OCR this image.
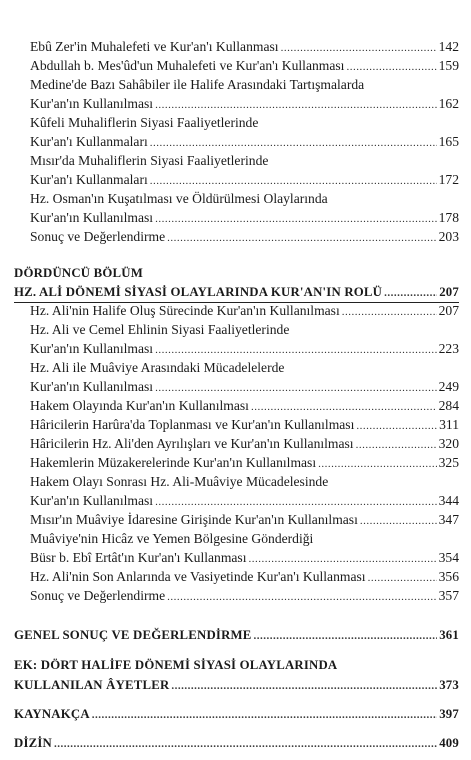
Ebû Zer'in Muhalefeti ve Kur'an'ı Kullanması .....	142
Abdullah b. Mes'ûd'un Muhalefeti ve Kur'an'ı Kullanması .....	159
Medine'de Bazı Sahâbiler ile Halife Arasındaki Tartışmalarda
Kur'an'ın Kullanılması .....	162
Kûfeli Muhaliflerin Siyasi Faaliyetlerinde
Kur'an'ı Kullanmaları .....	165
Mısır'da Muhaliflerin Siyasi Faaliyetlerinde
Kur'an'ı Kullanmaları .....	172
Hz. Osman'ın Kuşatılması ve Öldürülmesi Olaylarında
Kur'an'ın Kullanılması .....	178
Sonuç ve Değerlendirme .....	203
DÖRDÜNCÜ BÖLÜM
HZ. ALİ DÖNEMİ SİYASİ OLAYLARINDA KUR'AN'IN ROLÜ .....	207
Hz. Ali'nin Halife Oluş Sürecinde Kur'an'ın Kullanılması .....	207
Hz. Ali ve Cemel Ehlinin Siyasi Faaliyetlerinde
Kur'an'ın Kullanılması .....	223
Hz. Ali ile Muâviye Arasındaki Mücadelelerde
Kur'an'ın Kullanılması .....	249
Hakem Olayında Kur'an'ın Kullanılması .....	284
Hâricilerin Harûra'da Toplanması ve Kur'an'ın Kullanılması .....	311
Hâricilerin Hz. Ali'den Ayrılışları ve Kur'an'ın Kullanılması .....	320
Hakemlerin Müzakerelerinde Kur'an'ın Kullanılması .....	325
Hakem Olayı Sonrası Hz. Ali-Muâviye Mücadelesinde
Kur'an'ın Kullanılması .....	344
Mısır'ın Muâviye İdaresine Girişinde Kur'an'ın Kullanılması .....	347
Muâviye'nin Hicâz ve Yemen Bölgesine Gönderdiği
Büsr b. Ebî Ertât'ın Kur'an'ı Kullanması .....	354
Hz. Ali'nin Son Anlarında ve Vasiyetinde Kur'an'ı Kullanması .....	356
Sonuç ve Değerlendirme .....	357
GENEL SONUÇ VE DEĞERLENDİRME .....	361
EK: DÖRT HALİFE DÖNEMİ SİYASİ OLAYLARINDA
KULLANILAN ÂYETLER .....	373
KAYNAKÇA .....	397
DİZİN .....	409
